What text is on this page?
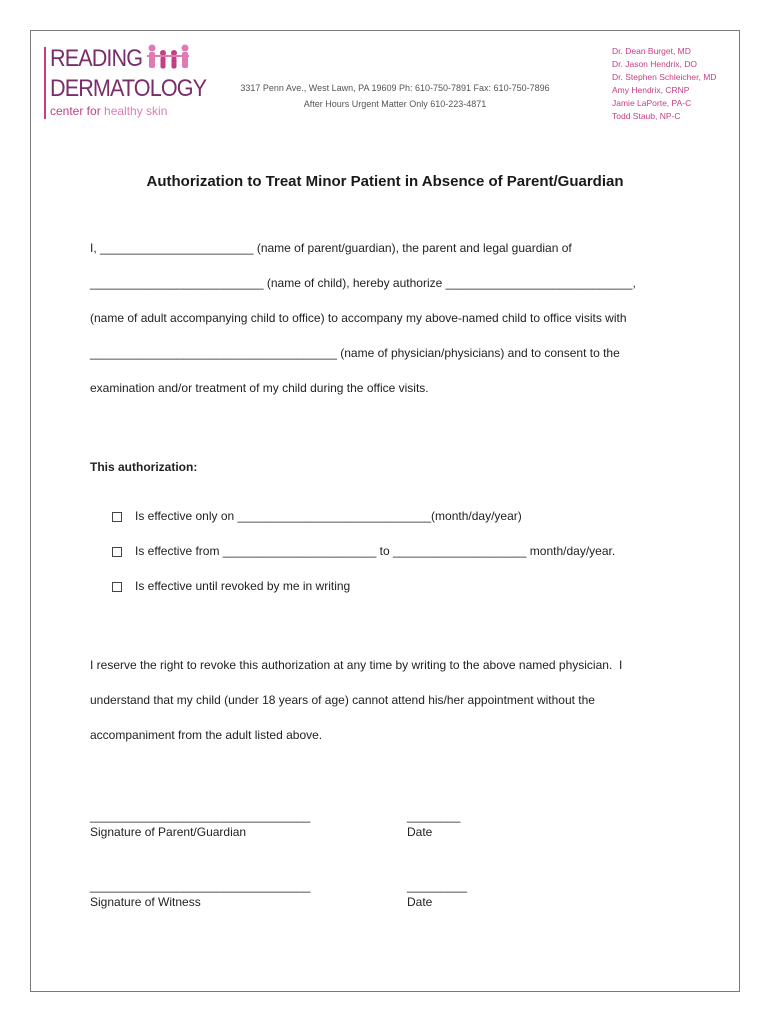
READING
DERMATOLOGY
center for healthy skin
3317 Penn Ave., West Lawn, PA 19609 Ph: 610-750-7891 Fax: 610-750-7896
After Hours Urgent Matter Only 610-223-4871
Dr. Dean Burget, MD
Dr. Jason Hendrix, DO
Dr. Stephen Schleicher, MD
Amy Hendrix, CRNP
Jamie LaPorte, PA-C
Todd Staub, NP-C
Authorization to Treat Minor Patient in Absence of Parent/Guardian
I, _______________________ (name of parent/guardian), the parent and legal guardian of
__________________________ (name of child), hereby authorize ____________________________,
(name of adult accompanying child to office) to accompany my above-named child to office visits with
_____________________________________ (name of physician/physicians) and to consent to the
examination and/or treatment of my child during the office visits.
This authorization:
Is effective only on _____________________________(month/day/year)
Is effective from _______________________ to ____________________ month/day/year.
Is effective until revoked by me in writing
I reserve the right to revoke this authorization at any time by writing to the above named physician.  I
understand that my child (under 18 years of age) cannot attend his/her appointment without the
accompaniment from the adult listed above.
_________________________________
Signature of Parent/Guardian
________
Date
_________________________________
Signature of Witness
_________
Date
